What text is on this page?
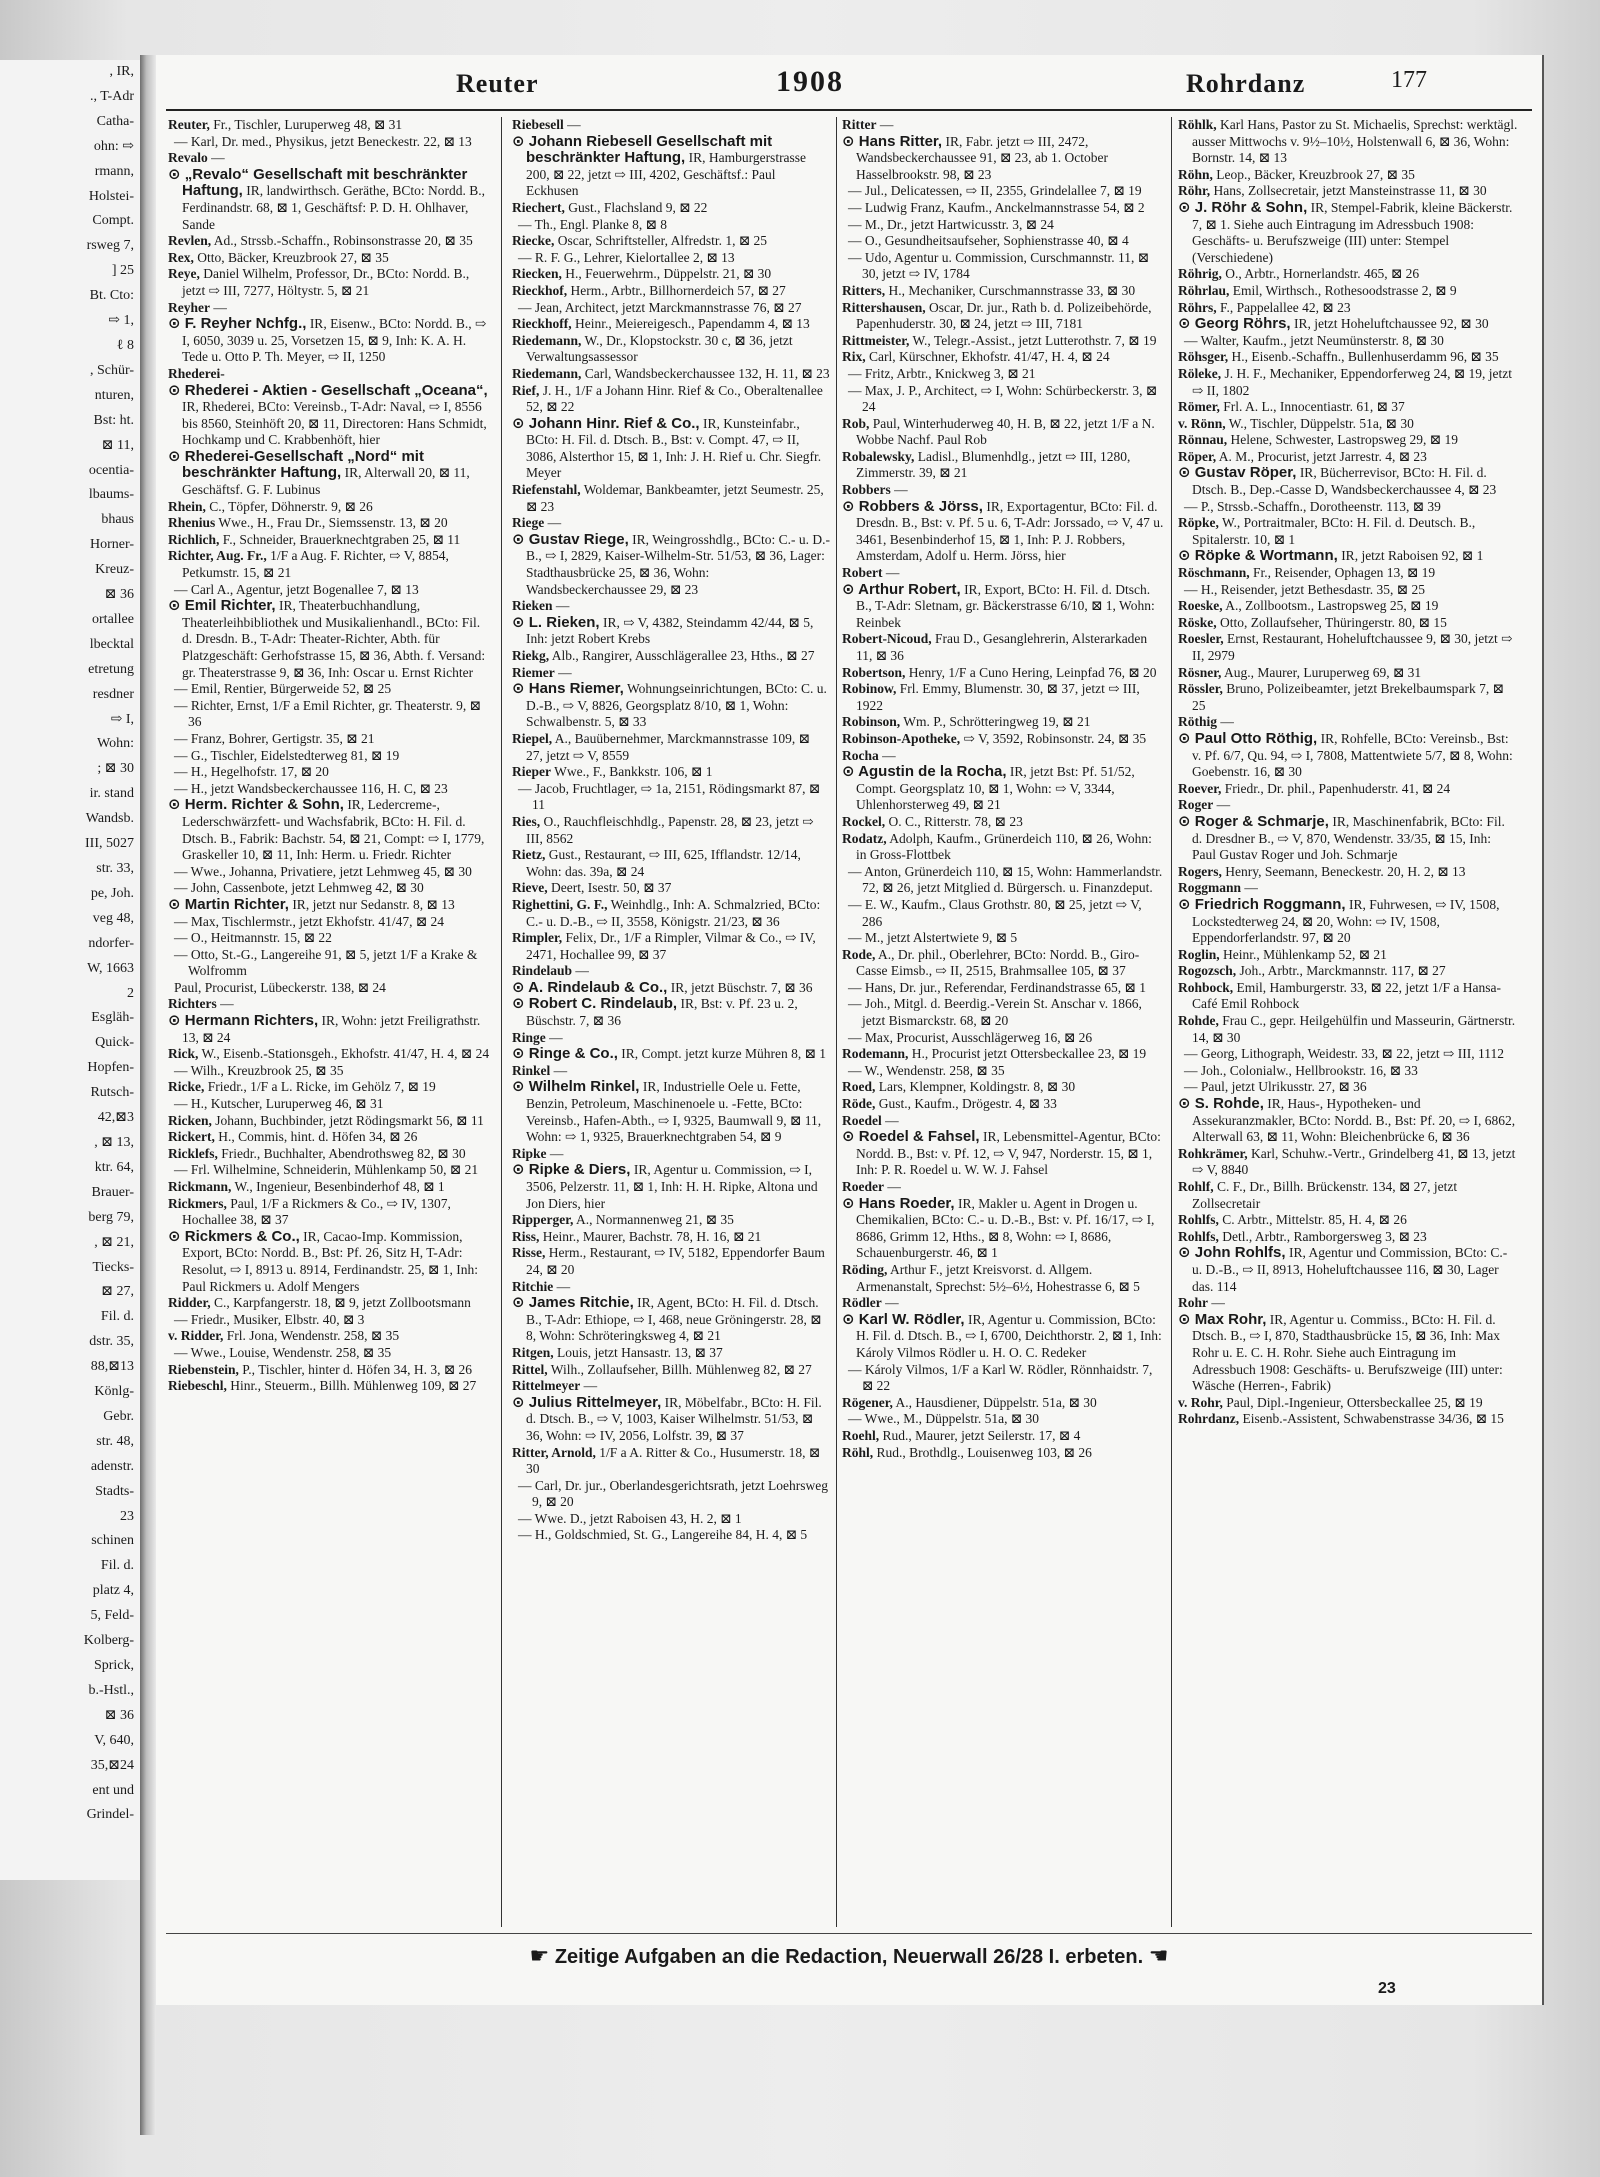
, IR,
., T-Adr
Catha-
ohn: ⇨
rmann,
Holstei-
Compt.
rsweg 7,
] 25
Bt. Cto:
⇨ 1,
ℓ 8
, Schür-
nturen,
Bst: ht.
⊠ 11,
ocentia-
lbaums-
bhaus
Horner-
Kreuz-
⊠ 36
ortallee
lbecktal
etretung
resdner
⇨ I,
Wohn:
; ⊠ 30
ir. stand
Wandsb.
III, 5027
str. 33,
pe, Joh.
veg 48,
ndorfer-
W, 1663
2
Esgläh-
Quick-
Hopfen-
Rutsch-
42,⊠3
, ⊠ 13,
ktr. 64,
Brauer-
berg 79,
, ⊠ 21,
Tiecks-
⊠ 27,
Fil. d.
dstr. 35,
88,⊠13
Könlg-
Gebr.
str. 48,
adenstr.
Stadts-
23
schinen
Fil. d.
platz 4,
5, Feld-
Kolberg-
Sprick,
b.-Hstl.,
⊠ 36
V, 640,
35,⊠24
ent und
Grindel-
Reuter	1908	Rohrdanz	177

Reuter, Fr., Tischler, Luruperweg 48, ⊠ 31

— Karl, Dr. med., Physikus, jetzt Beneckestr. 22, ⊠ 13

Revalo —

⊙ „Revalo“ Gesellschaft mit beschränkter Haftung, IR, landwirthsch. Geräthe, BCto: Nordd. B., Ferdinandstr. 68, ⊠ 1, Geschäftsf: P. D. H. Ohlhaver, Sande

Revlen, Ad., Strssb.-Schaffn., Robinsonstrasse 20, ⊠ 35

Rex, Otto, Bäcker, Kreuzbrook 27, ⊠ 35

Reye, Daniel Wilhelm, Professor, Dr., BCto: Nordd. B., jetzt ⇨ III, 7277, Höltystr. 5, ⊠ 21

Reyher —

⊙ F. Reyher Nchfg., IR, Eisenw., BCto: Nordd. B., ⇨ I, 6050, 3039 u. 25, Vorsetzen 15, ⊠ 9, Inh: K. A. H. Tede u. Otto P. Th. Meyer, ⇨ II, 1250

Rhederei-

⊙ Rhederei - Aktien - Gesellschaft „Oceana“, IR, Rhederei, BCto: Vereinsb., T-Adr: Naval, ⇨ I, 8556 bis 8560, Steinhöft 20, ⊠ 11, Directoren: Hans Schmidt, Hochkamp und C. Krabbenhöft, hier

⊙ Rhederei-Gesellschaft „Nord“ mit beschränkter Haftung, IR, Alterwall 20, ⊠ 11, Geschäftsf. G. F. Lubinus

Rhein, C., Töpfer, Döhnerstr. 9, ⊠ 26

Rhenius Wwe., H., Frau Dr., Siemssenstr. 13, ⊠ 20

Richlich, F., Schneider, Brauerknechtgraben 25, ⊠ 11

Richter, Aug. Fr., 1/F a Aug. F. Richter, ⇨ V, 8854, Petkumstr. 15, ⊠ 21

— Carl A., Agentur, jetzt Bogenallee 7, ⊠ 13

⊙ Emil Richter, IR, Theaterbuchhandlung, Theaterleihbibliothek und Musikalienhandl., BCto: Fil. d. Dresdn. B., T-Adr: Theater-Richter, Abth. für Platzgeschäft: Gerhofstrasse 15, ⊠ 36, Abth. f. Versand: gr. Theaterstrasse 9, ⊠ 36, Inh: Oscar u. Ernst Richter

— Emil, Rentier, Bürgerweide 52, ⊠ 25

— Richter, Ernst, 1/F a Emil Richter, gr. Theaterstr. 9, ⊠ 36

— Franz, Bohrer, Gertigstr. 35, ⊠ 21

— G., Tischler, Eidelstedterweg 81, ⊠ 19

— H., Hegelhofstr. 17, ⊠ 20

— H., jetzt Wandsbeckerchaussee 116, H. C, ⊠ 23

⊙ Herm. Richter & Sohn, IR, Ledercreme-, Lederschwärzfett- und Wachsfabrik, BCto: H. Fil. d. Dtsch. B., Fabrik: Bachstr. 54, ⊠ 21, Compt: ⇨ I, 1779, Graskeller 10, ⊠ 11, Inh: Herm. u. Friedr. Richter

— Wwe., Johanna, Privatiere, jetzt Lehmweg 45, ⊠ 30

— John, Cassenbote, jetzt Lehmweg 42, ⊠ 30

⊙ Martin Richter, IR, jetzt nur Sedanstr. 8, ⊠ 13

— Max, Tischlermstr., jetzt Ekhofstr. 41/47, ⊠ 24

— O., Heitmannstr. 15, ⊠ 22

— Otto, St.-G., Langereihe 91, ⊠ 5, jetzt 1/F a Krake & Wolfromm

Paul, Procurist, Lübeckerstr. 138, ⊠ 24

Richters —

⊙ Hermann Richters, IR, Wohn: jetzt Freiligrathstr. 13, ⊠ 24

Rick, W., Eisenb.-Stationsgeh., Ekhofstr. 41/47, H. 4, ⊠ 24

— Wilh., Kreuzbrook 25, ⊠ 35

Ricke, Friedr., 1/F a L. Ricke, im Gehölz 7, ⊠ 19

— H., Kutscher, Luruperweg 46, ⊠ 31

Ricken, Johann, Buchbinder, jetzt Rödingsmarkt 56, ⊠ 11

Rickert, H., Commis, hint. d. Höfen 34, ⊠ 26

Ricklefs, Friedr., Buchhalter, Abendrothsweg 82, ⊠ 30

— Frl. Wilhelmine, Schneiderin, Mühlenkamp 50, ⊠ 21

Rickmann, W., Ingenieur, Besenbinderhof 48, ⊠ 1

Rickmers, Paul, 1/F a Rickmers & Co., ⇨ IV, 1307, Hochallee 38, ⊠ 37

⊙ Rickmers & Co., IR, Cacao-Imp. Kommission, Export, BCto: Nordd. B., Bst: Pf. 26, Sitz H, T-Adr: Resolut, ⇨ I, 8913 u. 8914, Ferdinandstr. 25, ⊠ 1, Inh: Paul Rickmers u. Adolf Mengers

Ridder, C., Karpfangerstr. 18, ⊠ 9, jetzt Zollbootsmann

— Friedr., Musiker, Elbstr. 40, ⊠ 3

v. Ridder, Frl. Jona, Wendenstr. 258, ⊠ 35

— Wwe., Louise, Wendenstr. 258, ⊠ 35

Riebenstein, P., Tischler, hinter d. Höfen 34, H. 3, ⊠ 26

Riebeschl, Hinr., Steuerm., Billh. Mühlenweg 109, ⊠ 27

Riebesell —

⊙ Johann Riebesell Gesellschaft mit beschränkter Haftung, IR, Hamburgerstrasse 200, ⊠ 22, jetzt ⇨ III, 4202, Geschäftsf.: Paul Eckhusen

Riechert, Gust., Flachsland 9, ⊠ 22

— Th., Engl. Planke 8, ⊠ 8

Riecke, Oscar, Schriftsteller, Alfredstr. 1, ⊠ 25

— R. F. G., Lehrer, Kielortallee 2, ⊠ 13

Riecken, H., Feuerwehrm., Düppelstr. 21, ⊠ 30

Rieckhof, Herm., Arbtr., Billhornerdeich 57, ⊠ 27

— Jean, Architect, jetzt Marckmannstrasse 76, ⊠ 27

Rieckhoff, Heinr., Meiereigesch., Papendamm 4, ⊠ 13

Riedemann, W., Dr., Klopstockstr. 30 c, ⊠ 36, jetzt Verwaltungsassessor

Riedemann, Carl, Wandsbeckerchaussee 132, H. 11, ⊠ 23

Rief, J. H., 1/F a Johann Hinr. Rief & Co., Oberaltenallee 52, ⊠ 22

⊙ Johann Hinr. Rief & Co., IR, Kunsteinfabr., BCto: H. Fil. d. Dtsch. B., Bst: v. Compt. 47, ⇨ II, 3086, Alsterthor 15, ⊠ 1, Inh: J. H. Rief u. Chr. Siegfr. Meyer

Riefenstahl, Woldemar, Bankbeamter, jetzt Seumestr. 25, ⊠ 23

Riege —

⊙ Gustav Riege, IR, Weingrosshdlg., BCto: C.- u. D.-B., ⇨ I, 2829, Kaiser-Wilhelm-Str. 51/53, ⊠ 36, Lager: Stadthausbrücke 25, ⊠ 36, Wohn: Wandsbeckerchaussee 29, ⊠ 23

Rieken —

⊙ L. Rieken, IR, ⇨ V, 4382, Steindamm 42/44, ⊠ 5, Inh: jetzt Robert Krebs

Riekg, Alb., Rangirer, Ausschlägerallee 23, Hths., ⊠ 27

Riemer —

⊙ Hans Riemer, Wohnungseinrichtungen, BCto: C. u. D.-B., ⇨ V, 8826, Georgsplatz 8/10, ⊠ 1, Wohn: Schwalbenstr. 5, ⊠ 33

Riepel, A., Bauübernehmer, Marckmannstrasse 109, ⊠ 27, jetzt ⇨ V, 8559

Rieper Wwe., F., Bankkstr. 106, ⊠ 1

— Jacob, Fruchtlager, ⇨ 1a, 2151, Rödingsmarkt 87, ⊠ 11

Ries, O., Rauchfleischhdlg., Papenstr. 28, ⊠ 23, jetzt ⇨ III, 8562

Rietz, Gust., Restaurant, ⇨ III, 625, Ifflandstr. 12/14, Wohn: das. 39a, ⊠ 24

Rieve, Deert, Isestr. 50, ⊠ 37

Righettini, G. F., Weinhdlg., Inh: A. Schmalzried, BCto: C.- u. D.-B., ⇨ II, 3558, Königstr. 21/23, ⊠ 36

Rimpler, Felix, Dr., 1/F a Rimpler, Vilmar & Co., ⇨ IV, 2471, Hochallee 99, ⊠ 37

Rindelaub —

⊙ A. Rindelaub & Co., IR, jetzt Büschstr. 7, ⊠ 36

⊙ Robert C. Rindelaub, IR, Bst: v. Pf. 23 u. 2, Büschstr. 7, ⊠ 36

Ringe —

⊙ Ringe & Co., IR, Compt. jetzt kurze Mühren 8, ⊠ 1

Rinkel —

⊙ Wilhelm Rinkel, IR, Industrielle Oele u. Fette, Benzin, Petroleum, Maschinenoele u. -Fette, BCto: Vereinsb., Hafen-Abth., ⇨ I, 9325, Baumwall 9, ⊠ 11, Wohn: ⇨ 1, 9325, Brauerknechtgraben 54, ⊠ 9

Ripke —

⊙ Ripke & Diers, IR, Agentur u. Commission, ⇨ I, 3506, Pelzerstr. 11, ⊠ 1, Inh: H. H. Ripke, Altona und Jon Diers, hier

Ripperger, A., Normannenweg 21, ⊠ 35

Riss, Heinr., Maurer, Bachstr. 78, H. 16, ⊠ 21

Risse, Herm., Restaurant, ⇨ IV, 5182, Eppendorfer Baum 24, ⊠ 20

Ritchie —

⊙ James Ritchie, IR, Agent, BCto: H. Fil. d. Dtsch. B., T-Adr: Ethiope, ⇨ I, 468, neue Gröningerstr. 28, ⊠ 8, Wohn: Schröteringksweg 4, ⊠ 21

Ritgen, Louis, jetzt Hansastr. 13, ⊠ 37

Rittel, Wilh., Zollaufseher, Billh. Mühlenweg 82, ⊠ 27

Rittelmeyer —

⊙ Julius Rittelmeyer, IR, Möbelfabr., BCto: H. Fil. d. Dtsch. B., ⇨ V, 1003, Kaiser Wilhelmstr. 51/53, ⊠ 36, Wohn: ⇨ IV, 2056, Lolfstr. 39, ⊠ 37

Ritter, Arnold, 1/F a A. Ritter & Co., Husumerstr. 18, ⊠ 30

— Carl, Dr. jur., Oberlandesgerichtsrath, jetzt Loehrsweg 9, ⊠ 20

— Wwe. D., jetzt Raboisen 43, H. 2, ⊠ 1

— H., Goldschmied, St. G., Langereihe 84, H. 4, ⊠ 5

Ritter —

⊙ Hans Ritter, IR, Fabr. jetzt ⇨ III, 2472, Wandsbeckerchaussee 91, ⊠ 23, ab 1. October Hasselbrookstr. 98, ⊠ 23

— Jul., Delicatessen, ⇨ II, 2355, Grindelallee 7, ⊠ 19

— Ludwig Franz, Kaufm., Anckelmannstrasse 54, ⊠ 2

— M., Dr., jetzt Hartwicusstr. 3, ⊠ 24

— O., Gesundheitsaufseher, Sophienstrasse 40, ⊠ 4

— Udo, Agentur u. Commission, Curschmannstr. 11, ⊠ 30, jetzt ⇨ IV, 1784

Ritters, H., Mechaniker, Curschmannstrasse 33, ⊠ 30

Rittershausen, Oscar, Dr. jur., Rath b. d. Polizeibehörde, Papenhuderstr. 30, ⊠ 24, jetzt ⇨ III, 7181

Rittmeister, W., Telegr.-Assist., jetzt Lutterothstr. 7, ⊠ 19

Rix, Carl, Kürschner, Ekhofstr. 41/47, H. 4, ⊠ 24

— Fritz, Arbtr., Knickweg 3, ⊠ 21

— Max, J. P., Architect, ⇨ I, Wohn: Schürbeckerstr. 3, ⊠ 24

Rob, Paul, Winterhuderweg 40, H. B, ⊠ 22, jetzt 1/F a N. Wobbe Nachf. Paul Rob

Robalewsky, Ladisl., Blumenhdlg., jetzt ⇨ III, 1280, Zimmerstr. 39, ⊠ 21

Robbers —

⊙ Robbers & Jörss, IR, Exportagentur, BCto: Fil. d. Dresdn. B., Bst: v. Pf. 5 u. 6, T-Adr: Jorssado, ⇨ V, 47 u. 3461, Besenbinderhof 15, ⊠ 1, Inh: P. J. Robbers, Amsterdam, Adolf u. Herm. Jörss, hier

Robert —

⊙ Arthur Robert, IR, Export, BCto: H. Fil. d. Dtsch. B., T-Adr: Sletnam, gr. Bäckerstrasse 6/10, ⊠ 1, Wohn: Reinbek

Robert-Nicoud, Frau D., Gesanglehrerin, Alsterarkaden 11, ⊠ 36

Robertson, Henry, 1/F a Cuno Hering, Leinpfad 76, ⊠ 20

Robinow, Frl. Emmy, Blumenstr. 30, ⊠ 37, jetzt ⇨ III, 1922

Robinson, Wm. P., Schrötteringweg 19, ⊠ 21

Robinson-Apotheke, ⇨ V, 3592, Robinsonstr. 24, ⊠ 35

Rocha —

⊙ Agustin de la Rocha, IR, jetzt Bst: Pf. 51/52, Compt. Georgsplatz 10, ⊠ 1, Wohn: ⇨ V, 3344, Uhlenhorsterweg 49, ⊠ 21

Rockel, O. C., Ritterstr. 78, ⊠ 23

Rodatz, Adolph, Kaufm., Grünerdeich 110, ⊠ 26, Wohn: in Gross-Flottbek

— Anton, Grünerdeich 110, ⊠ 15, Wohn: Hammerlandstr. 72, ⊠ 26, jetzt Mitglied d. Bürgersch. u. Finanzdeput.

— E. W., Kaufm., Claus Grothstr. 80, ⊠ 25, jetzt ⇨ V, 286

— M., jetzt Alstertwiete 9, ⊠ 5

Rode, A., Dr. phil., Oberlehrer, BCto: Nordd. B., Giro-Casse Eimsb., ⇨ II, 2515, Brahmsallee 105, ⊠ 37

— Hans, Dr. jur., Referendar, Ferdinandstrasse 65, ⊠ 1

— Joh., Mitgl. d. Beerdig.-Verein St. Anschar v. 1866, jetzt Bismarckstr. 68, ⊠ 20

— Max, Procurist, Ausschlägerweg 16, ⊠ 26

Rodemann, H., Procurist jetzt Ottersbeckallee 23, ⊠ 19

— W., Wendenstr. 258, ⊠ 35

Roed, Lars, Klempner, Koldingstr. 8, ⊠ 30

Röde, Gust., Kaufm., Drögestr. 4, ⊠ 33

Roedel —

⊙ Roedel & Fahsel, IR, Lebensmittel-Agentur, BCto: Nordd. B., Bst: v. Pf. 12, ⇨ V, 947, Norderstr. 15, ⊠ 1, Inh: P. R. Roedel u. W. W. J. Fahsel

Roeder —

⊙ Hans Roeder, IR, Makler u. Agent in Drogen u. Chemikalien, BCto: C.- u. D.-B., Bst: v. Pf. 16/17, ⇨ I, 8686, Grimm 12, Hths., ⊠ 8, Wohn: ⇨ I, 8686, Schauenburgerstr. 46, ⊠ 1

Röding, Arthur F., jetzt Kreisvorst. d. Allgem. Armenanstalt, Sprechst: 5½–6½, Hohestrasse 6, ⊠ 5

Rödler —

⊙ Karl W. Rödler, IR, Agentur u. Commission, BCto: H. Fil. d. Dtsch. B., ⇨ I, 6700, Deichthorstr. 2, ⊠ 1, Inh: Károly Vilmos Rödler u. H. O. C. Redeker

— Károly Vilmos, 1/F a Karl W. Rödler, Rönnhaidstr. 7, ⊠ 22

Rögener, A., Hausdiener, Düppelstr. 51a, ⊠ 30

— Wwe., M., Düppelstr. 51a, ⊠ 30

Roehl, Rud., Maurer, jetzt Seilerstr. 17, ⊠ 4

Röhl, Rud., Brothdlg., Louisenweg 103, ⊠ 26

Röhlk, Karl Hans, Pastor zu St. Michaelis, Sprechst: werktägl. ausser Mittwochs v. 9½–10½, Holstenwall 6, ⊠ 36, Wohn: Bornstr. 14, ⊠ 13

Röhn, Leop., Bäcker, Kreuzbrook 27, ⊠ 35

Röhr, Hans, Zollsecretair, jetzt Mansteinstrasse 11, ⊠ 30

⊙ J. Röhr & Sohn, IR, Stempel-Fabrik, kleine Bäckerstr. 7, ⊠ 1. Siehe auch Eintragung im Adressbuch 1908: Geschäfts- u. Berufszweige (III) unter: Stempel (Verschiedene)

Röhrig, O., Arbtr., Hornerlandstr. 465, ⊠ 26

Röhrlau, Emil, Wirthsch., Rothesoodstrasse 2, ⊠ 9

Röhrs, F., Pappelallee 42, ⊠ 23

⊙ Georg Röhrs, IR, jetzt Hoheluftchaussee 92, ⊠ 30

— Walter, Kaufm., jetzt Neumünsterstr. 8, ⊠ 30

Röhsger, H., Eisenb.-Schaffn., Bullenhuserdamm 96, ⊠ 35

Röleke, J. H. F., Mechaniker, Eppendorferweg 24, ⊠ 19, jetzt ⇨ II, 1802

Römer, Frl. A. L., Innocentiastr. 61, ⊠ 37

v. Rönn, W., Tischler, Düppelstr. 51a, ⊠ 30

Rönnau, Helene, Schwester, Lastropsweg 29, ⊠ 19

Röper, A. M., Procurist, jetzt Jarrestr. 4, ⊠ 23

⊙ Gustav Röper, IR, Bücherrevisor, BCto: H. Fil. d. Dtsch. B., Dep.-Casse D, Wandsbeckerchaussee 4, ⊠ 23

— P., Strssb.-Schaffn., Dorotheenstr. 113, ⊠ 39

Röpke, W., Portraitmaler, BCto: H. Fil. d. Deutsch. B., Spitalerstr. 10, ⊠ 1

⊙ Röpke & Wortmann, IR, jetzt Raboisen 92, ⊠ 1

Röschmann, Fr., Reisender, Ophagen 13, ⊠ 19

— H., Reisender, jetzt Bethesdastr. 35, ⊠ 25

Roeske, A., Zollbootsm., Lastropsweg 25, ⊠ 19

Röske, Otto, Zollaufseher, Thüringerstr. 80, ⊠ 15

Roesler, Ernst, Restaurant, Hoheluftchaussee 9, ⊠ 30, jetzt ⇨ II, 2979

Rösner, Aug., Maurer, Luruperweg 69, ⊠ 31

Rössler, Bruno, Polizeibeamter, jetzt Brekelbaumspark 7, ⊠ 25

Röthig —

⊙ Paul Otto Röthig, IR, Rohfelle, BCto: Vereinsb., Bst: v. Pf. 6/7, Qu. 94, ⇨ I, 7808, Mattentwiete 5/7, ⊠ 8, Wohn: Goebenstr. 16, ⊠ 30

Roever, Friedr., Dr. phil., Papenhuderstr. 41, ⊠ 24

Roger —

⊙ Roger & Schmarje, IR, Maschinenfabrik, BCto: Fil. d. Dresdner B., ⇨ V, 870, Wendenstr. 33/35, ⊠ 15, Inh: Paul Gustav Roger und Joh. Schmarje

Rogers, Henry, Seemann, Beneckestr. 20, H. 2, ⊠ 13

Roggmann —

⊙ Friedrich Roggmann, IR, Fuhrwesen, ⇨ IV, 1508, Lockstedterweg 24, ⊠ 20, Wohn: ⇨ IV, 1508, Eppendorferlandstr. 97, ⊠ 20

Roglin, Heinr., Mühlenkamp 52, ⊠ 21

Rogozsch, Joh., Arbtr., Marckmannstr. 117, ⊠ 27

Rohbock, Emil, Hamburgerstr. 33, ⊠ 22, jetzt 1/F a Hansa-Café Emil Rohbock

Rohde, Frau C., gepr. Heilgehülfin und Masseurin, Gärtnerstr. 14, ⊠ 30

— Georg, Lithograph, Weidestr. 33, ⊠ 22, jetzt ⇨ III, 1112

— Joh., Colonialw., Hellbrookstr. 16, ⊠ 33

— Paul, jetzt Ulrikusstr. 27, ⊠ 36

⊙ S. Rohde, IR, Haus-, Hypotheken- und Assekuranzmakler, BCto: Nordd. B., Bst: Pf. 20, ⇨ I, 6862, Alterwall 63, ⊠ 11, Wohn: Bleichenbrücke 6, ⊠ 36

Rohkrämer, Karl, Schuhw.-Vertr., Grindelberg 41, ⊠ 13, jetzt ⇨ V, 8840

Rohlf, C. F., Dr., Billh. Brückenstr. 134, ⊠ 27, jetzt Zollsecretair

Rohlfs, C. Arbtr., Mittelstr. 85, H. 4, ⊠ 26

Rohlfs, Detl., Arbtr., Ramborgersweg 3, ⊠ 23

⊙ John Rohlfs, IR, Agentur und Commission, BCto: C.- u. D.-B., ⇨ II, 8913, Hoheluftchaussee 116, ⊠ 30, Lager das. 114

Rohr —

⊙ Max Rohr, IR, Agentur u. Commiss., BCto: H. Fil. d. Dtsch. B., ⇨ I, 870, Stadthausbrücke 15, ⊠ 36, Inh: Max Rohr u. E. C. H. Rohr. Siehe auch Eintragung im Adressbuch 1908: Geschäfts- u. Berufszweige (III) unter: Wäsche (Herren-, Fabrik)

v. Rohr, Paul, Dipl.-Ingenieur, Ottersbeckallee 25, ⊠ 19

Rohrdanz, Eisenb.-Assistent, Schwabenstrasse 34/36, ⊠ 15

☛ Zeitige Aufgaben an die Redaction, Neuerwall 26/28 I. erbeten. ☚
23
